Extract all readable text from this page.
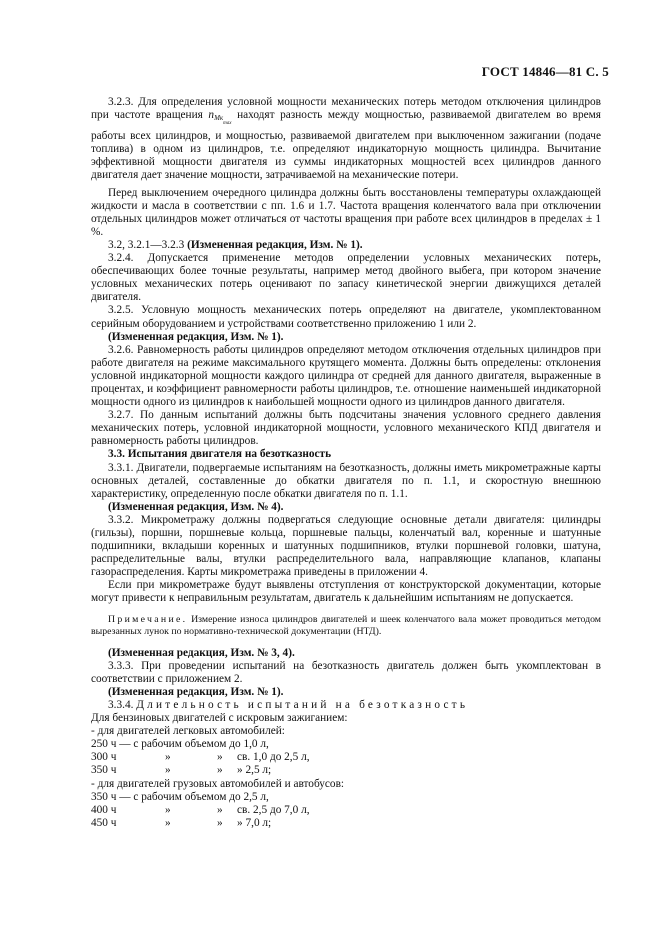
ГОСТ 14846—81 С. 5

3.2.3. Для определения условной мощности механических потерь методом отключения цилиндров при частоте вращения $n_{Mк_{max}}$ находят разность между мощностью, развиваемой двигателем во время работы всех цилиндров, и мощностью, развиваемой двигателем при выключенном зажигании (подаче топлива) в одном из цилиндров, т.е. определяют индикаторную мощность цилиндра. Вычитание эффективной мощности двигателя из суммы индикаторных мощностей всех цилиндров данного двигателя дает значение мощности, затрачиваемой на механические потери.

Перед выключением очередного цилиндра должны быть восстановлены температуры охлаждающей жидкости и масла в соответствии с пп. 1.6 и 1.7. Частота вращения коленчатого вала при отключении отдельных цилиндров может отличаться от частоты вращения при работе всех цилиндров в пределах ± 1 %.

3.2, 3.2.1—3.2.3 (Измененная редакция, Изм. № 1).

3.2.4. Допускается применение методов определении условных механических потерь, обеспечивающих более точные результаты, например метод двойного выбега, при котором значение условных механических потерь оценивают по запасу кинетической энергии движущихся деталей двигателя.

3.2.5. Условную мощность механических потерь определяют на двигателе, укомплектованном серийным оборудованием и устройствами соответственно приложению 1 или 2.

(Измененная редакция, Изм. № 1).

3.2.6. Равномерность работы цилиндров определяют методом отключения отдельных цилиндров при работе двигателя на режиме максимального крутящего момента. Должны быть определены: отклонения условной индикаторной мощности каждого цилиндра от средней для данного двигателя, выраженные в процентах, и коэффициент равномерности работы цилиндров, т.е. отношение наименьшей индикаторной мощности одного из цилиндров к наибольшей мощности одного из цилиндров данного двигателя.

3.2.7. По данным испытаний должны быть подсчитаны значения условного среднего давления механических потерь, условной индикаторной мощности, условного механического КПД двигателя и равномерность работы цилиндров.

3.3. Испытания двигателя на безотказность

3.3.1. Двигатели, подвергаемые испытаниям на безотказность, должны иметь микрометражные карты основных деталей, составленные до обкатки двигателя по п. 1.1, и скоростную внешнюю характеристику, определенную после обкатки двигателя по п. 1.1.

(Измененная редакция, Изм. № 4).

3.3.2. Микрометражу должны подвергаться следующие основные детали двигателя: цилиндры (гильзы), поршни, поршневые кольца, поршневые пальцы, коленчатый вал, коренные и шатунные подшипники, вкладыши коренных и шатунных подшипников, втулки поршневой головки, шатуна, распределительные валы, втулки распределительного вала, направляющие клапанов, клапаны газораспределения. Карты микрометража приведены в приложении 4.

Если при микрометраже будут выявлены отступления от конструкторской документации, которые могут привести к неправильным результатам, двигатель к дальнейшим испытаниям не допускается.

Примечание. Измерение износа цилиндров двигателей и шеек коленчатого вала может проводиться методом вырезанных лунок по нормативно-технической документации (НТД).

(Измененная редакция, Изм. № 3, 4).

3.3.3. При проведении испытаний на безотказность двигатель должен быть укомплектован в соответствии с приложением 2.

(Измененная редакция, Изм. № 1).

3.3.4. Длительность испытаний на безотказность

Для бензиновых двигателей с искровым зажиганием:

- для двигателей легковых автомобилей:

250 ч — с рабочим объемом до 1,0 л,

300 ч	»	»	св. 1,0 до 2,5 л,
350 ч	»	»	» 2,5 л;

- для двигателей грузовых автомобилей и автобусов:

350 ч — с рабочим объемом до 2,5 л,

400 ч	»	»	св. 2,5 до 7,0 л,
450 ч	»	»	» 7,0 л;
